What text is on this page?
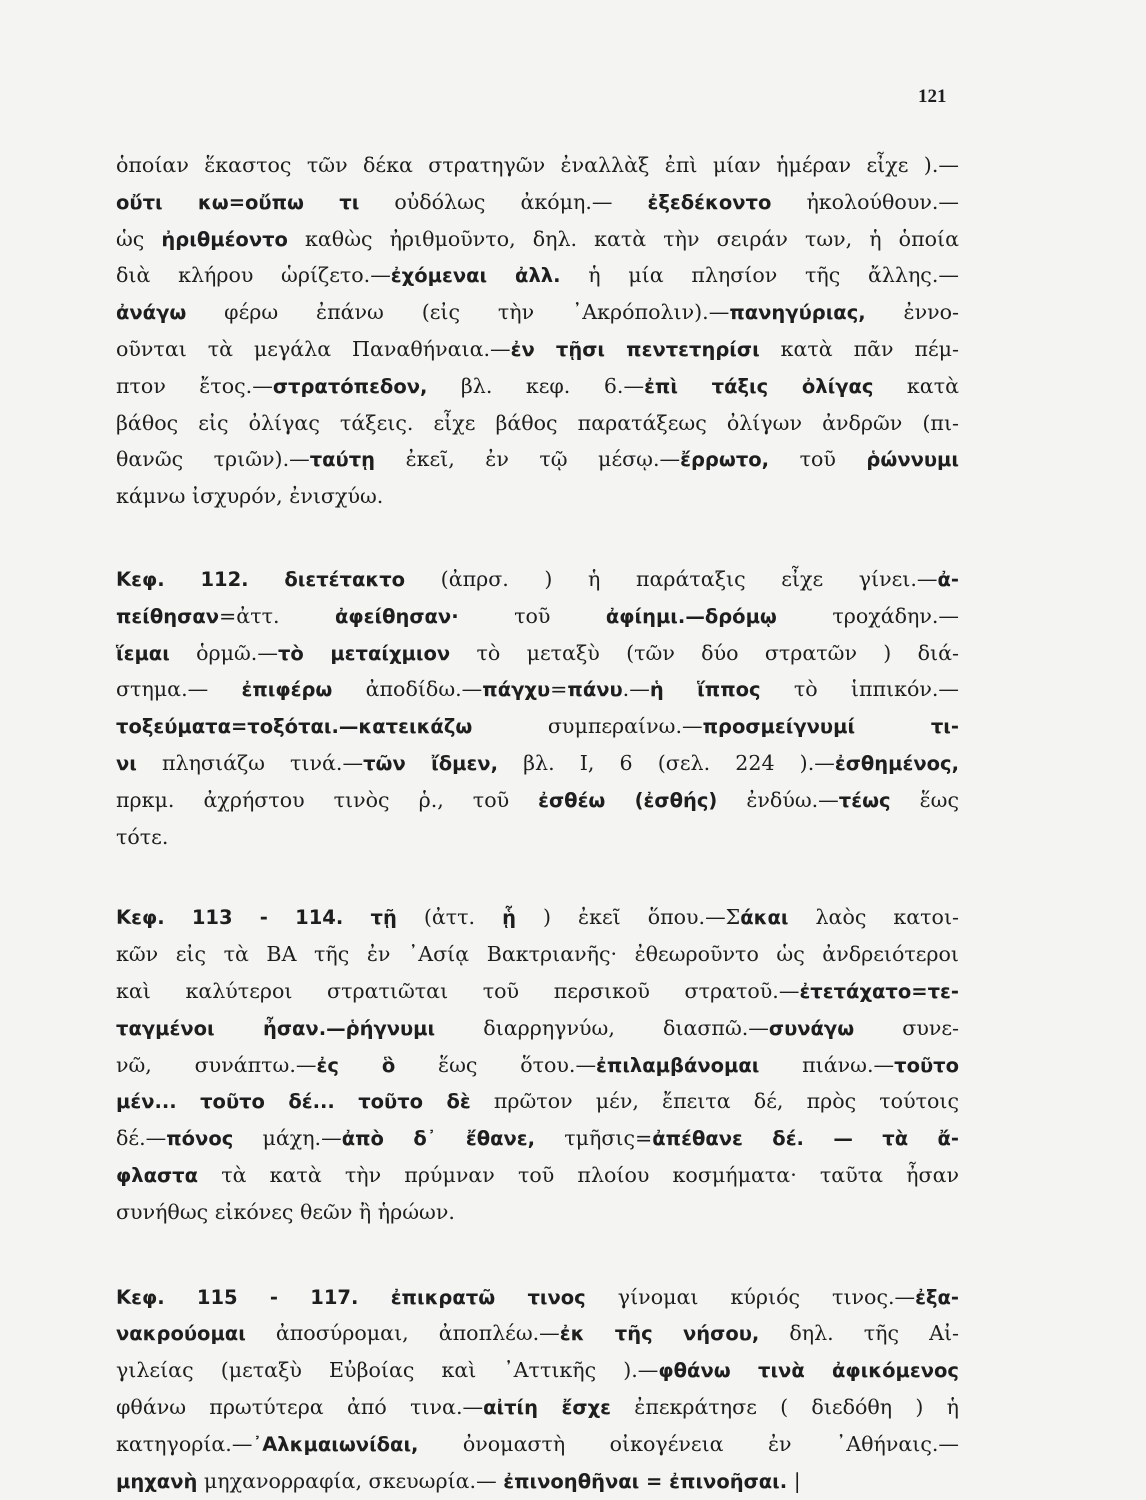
121
ὁποίαν ἕκαστος τῶν δέκα στρατηγῶν ἐναλλὰξ ἐπὶ μίαν ἡμέραν εἶχε ).—
οὔτι κω=οὔπω τι οὐδόλως ἀκόμη.— ἐξεδέκοντο ἠκολούθουν.—
ὡς ἠριθμέοντο καθὼς ἠριθμοῦντο, δηλ. κατὰ τὴν σειράν των, ἡ ὁποία
διὰ κλήρου ὡρίζετο.—ἐχόμεναι ἀλλ. ἡ μία πλησίον τῆς ἄλλης.—
ἀνάγω φέρω ἐπάνω (εἰς τὴν ᾿Ακρόπολιν).—πανηγύριας, ἐννο-
οῦνται τὰ μεγάλα Παναθήναια.—ἐν τῇσι πεντετηρίσι κατὰ πᾶν πέμ-
πτον ἔτος.—στρατόπεδον, βλ. κεφ. 6.—ἐπὶ τάξις ὀλίγας κατὰ
βάθος εἰς ὀλίγας τάξεις. εἶχε βάθος παρατάξεως ὀλίγων ἀνδρῶν (πι-
θανῶς τριῶν).—ταύτῃ ἐκεῖ, ἐν τῷ μέσῳ.—ἔρρωτο, τοῦ ῥώννυμι
κάμνω ἰσχυρόν, ἐνισχύω.
Κεφ. 112. διετέτακτο (ἀπρσ. ) ἡ παράταξις εἶχε γίνει.—ἀ-
πείθησαν=ἀττ. ἀφείθησαν· τοῦ ἀφίημι.—δρόμῳ τροχάδην.—
ἵεμαι ὁρμῶ.—τὸ μεταίχμιον τὸ μεταξὺ (τῶν δύο στρατῶν ) διά-
στημα.— ἐπιφέρω ἀποδίδω.—πάγχυ=πάνυ.—ἡ ἵππος τὸ ἱππικόν.—
τοξεύματα=τοξόται.—κατεικάζω συμπεραίνω.—προσμείγνυμί τι-
νι πλησιάζω τινά.—τῶν ἴδμεν, βλ. I, 6 (σελ. 224 ).—ἐσθημένος,
πρκμ. ἀχρήστου τινὸς ῥ., τοῦ ἐσθέω (ἐσθής) ἐνδύω.—τέως ἕως
τότε.
Κεφ. 113 - 114. τῇ (ἀττ. ᾗ ) ἐκεῖ ὅπου.—Σάκαι λαὸς κατοι-
κῶν εἰς τὰ ΒΑ τῆς ἐν ᾿Ασίᾳ Βακτριανῆς· ἐθεωροῦντο ὡς ἀνδρειότεροι
καὶ καλύτεροι στρατιῶται τοῦ περσικοῦ στρατοῦ.—ἐτετάχατο=τε-
ταγμένοι ἦσαν.—ῥήγνυμι διαρρηγνύω, διασπῶ.—συνάγω συνε-
νῶ, συνάπτω.—ἐς ὃ ἕως ὅτου.—ἐπιλαμβάνομαι πιάνω.—τοῦτο
μέν... τοῦτο δέ... τοῦτο δὲ πρῶτον μέν, ἔπειτα δέ, πρὸς τούτοις
δέ.—πόνος μάχη.—ἀπὸ δ᾿ ἔθανε, τμῆσις=ἀπέθανε δέ. — τὰ ἄ-
φλαστα τὰ κατὰ τὴν πρύμναν τοῦ πλοίου κοσμήματα· ταῦτα ἦσαν
συνήθως εἰκόνες θεῶν ἢ ἡρώων.
Κεφ. 115 - 117. ἐπικρατῶ τινος γίνομαι κύριός τινος.—ἐξα-
νακρούομαι ἀποσύρομαι, ἀποπλέω.—ἐκ τῆς νήσου, δηλ. τῆς Αἰ-
γιλείας (μεταξὺ Εὐβοίας καὶ ᾿Αττικῆς ).—φθάνω τινὰ ἀφικόμενος
φθάνω πρωτύτερα ἀπό τινα.—αἰτίη ἔσχε ἐπεκράτησε ( διεδόθη ) ἡ
κατηγορία.—᾿Αλκμαιωνίδαι, ὀνομαστὴ οἰκογένεια ἐν ᾿Αθήναις.—
μηχανὴ μηχανορραφία, σκευωρία.— ἐπινοηθῆναι = ἐπινοῆσαι. |
